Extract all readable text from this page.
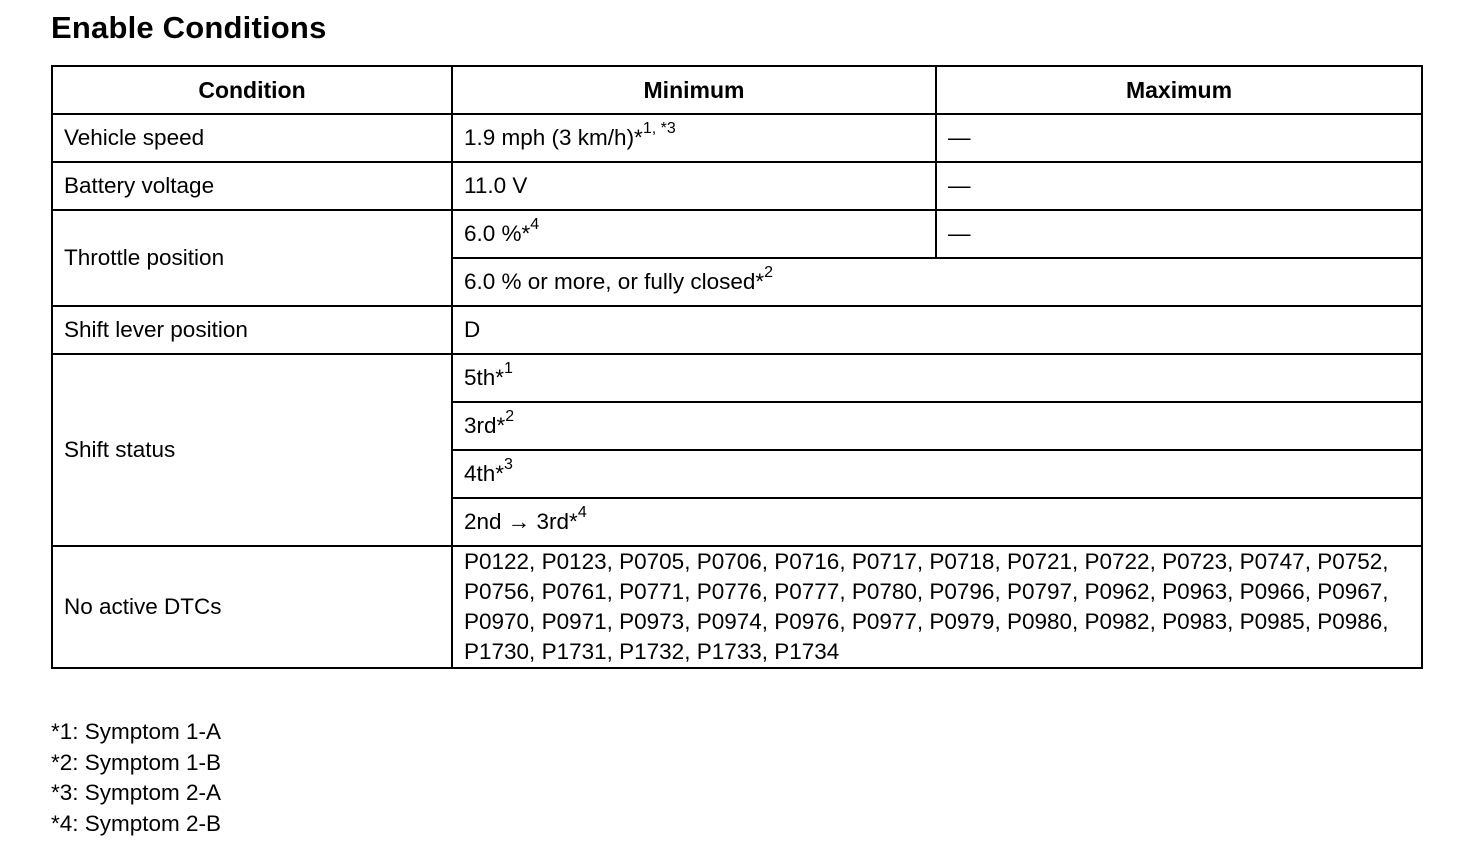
Enable Conditions
Condition	Minimum	Maximum
Vehicle speed	1.9 mph (3 km/h)*$^{1, *3}$	—
Battery voltage	11.0 V	—
Throttle position	6.0 %*$^4$	—
	6.0 % or more, or fully closed*$^2$
Shift lever position	D	
Shift status	5th*$^1$
	3rd*$^2$
	4th*$^3$
	2nd → 3rd*$^4$
No active DTCs	P0122, P0123, P0705, P0706, P0716, P0717, P0718, P0721, P0722, P0723, P0747, P0752, P0756, P0761, P0771, P0776, P0777, P0780, P0796, P0797, P0962, P0963, P0966, P0967, P0970, P0971, P0973, P0974, P0976, P0977, P0979, P0980, P0982, P0983, P0985, P0986, P1730, P1731, P1732, P1733, P1734	
*1: Symptom 1-A
*2: Symptom 1-B
*3: Symptom 2-A
*4: Symptom 2-B
